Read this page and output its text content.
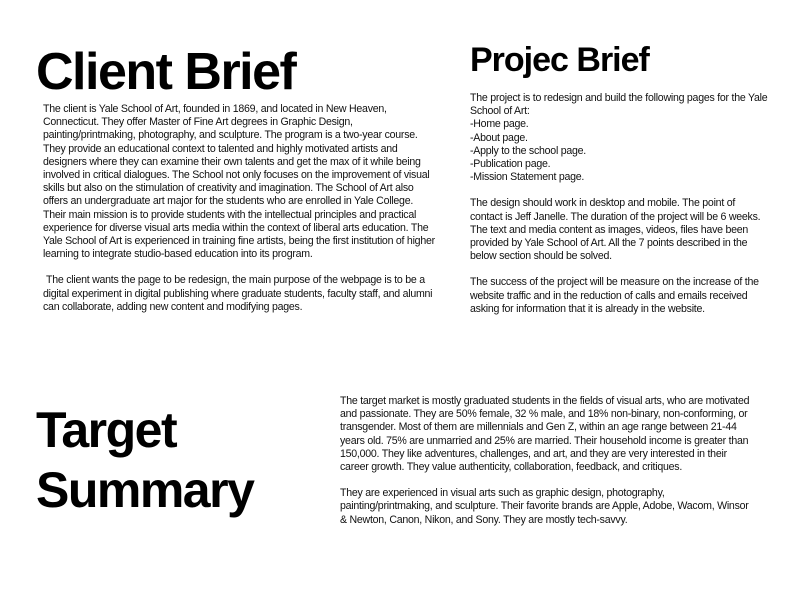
Client Brief

The client is Yale School of Art, founded in 1869, and located in New Heaven, Connecticut. They offer Master of Fine Art degrees in Graphic Design, painting/printmaking, photography, and sculpture. The program is a two-year course. They provide an educational context to talented and highly motivated artists and designers where they can examine their own talents and get the max of it while being involved in critical dialogues. The School not only focuses on the improvement of visual skills but also on the stimulation of creativity and imagination. The School of Art also offers an undergraduate art major for the students who are enrolled in Yale College. Their main mission is to provide students with the intellectual principles and practical experience for diverse visual arts media within the context of liberal arts education. The Yale School of Art is experienced in training fine artists, being the first institution of higher learning to integrate studio-based education into its program.

The client wants the page to be redesign, the main purpose of the webpage is to be a digital experiment in digital publishing where graduate students, faculty staff, and alumni can collaborate, adding new content and modifying pages.

Projec Brief

The project is to redesign and build the following pages for the Yale School of Art:

-Home page.
-About page.
-Apply to the school page.
-Publication page.
-Mission Statement page.

The design should work in desktop and mobile. The point of contact is Jeff Janelle. The duration of the project will be 6 weeks. The text and media content as images, videos, files have been provided by Yale School of Art. All the 7 points described in the below section should be solved.

The success of the project will be measure on the increase of the website traffic and in the reduction of calls and emails received asking for information that it is already in the website.

Target
Summary

The target market is mostly graduated students in the fields of visual arts, who are motivated and passionate. They are 50% female, 32 % male, and 18% non-binary, non-conforming, or transgender. Most of them are millennials and Gen Z, within an age range between 21-44 years old. 75% are unmarried and 25% are married. Their household income is greater than 150,000. They like adventures, challenges, and art, and they are very interested in their career growth. They value authenticity, collaboration, feedback, and critiques.

They are experienced in visual arts such as graphic design, photography, painting/printmaking, and sculpture. Their favorite brands are Apple, Adobe, Wacom, Winsor & Newton, Canon, Nikon, and Sony. They are mostly tech-savvy.
